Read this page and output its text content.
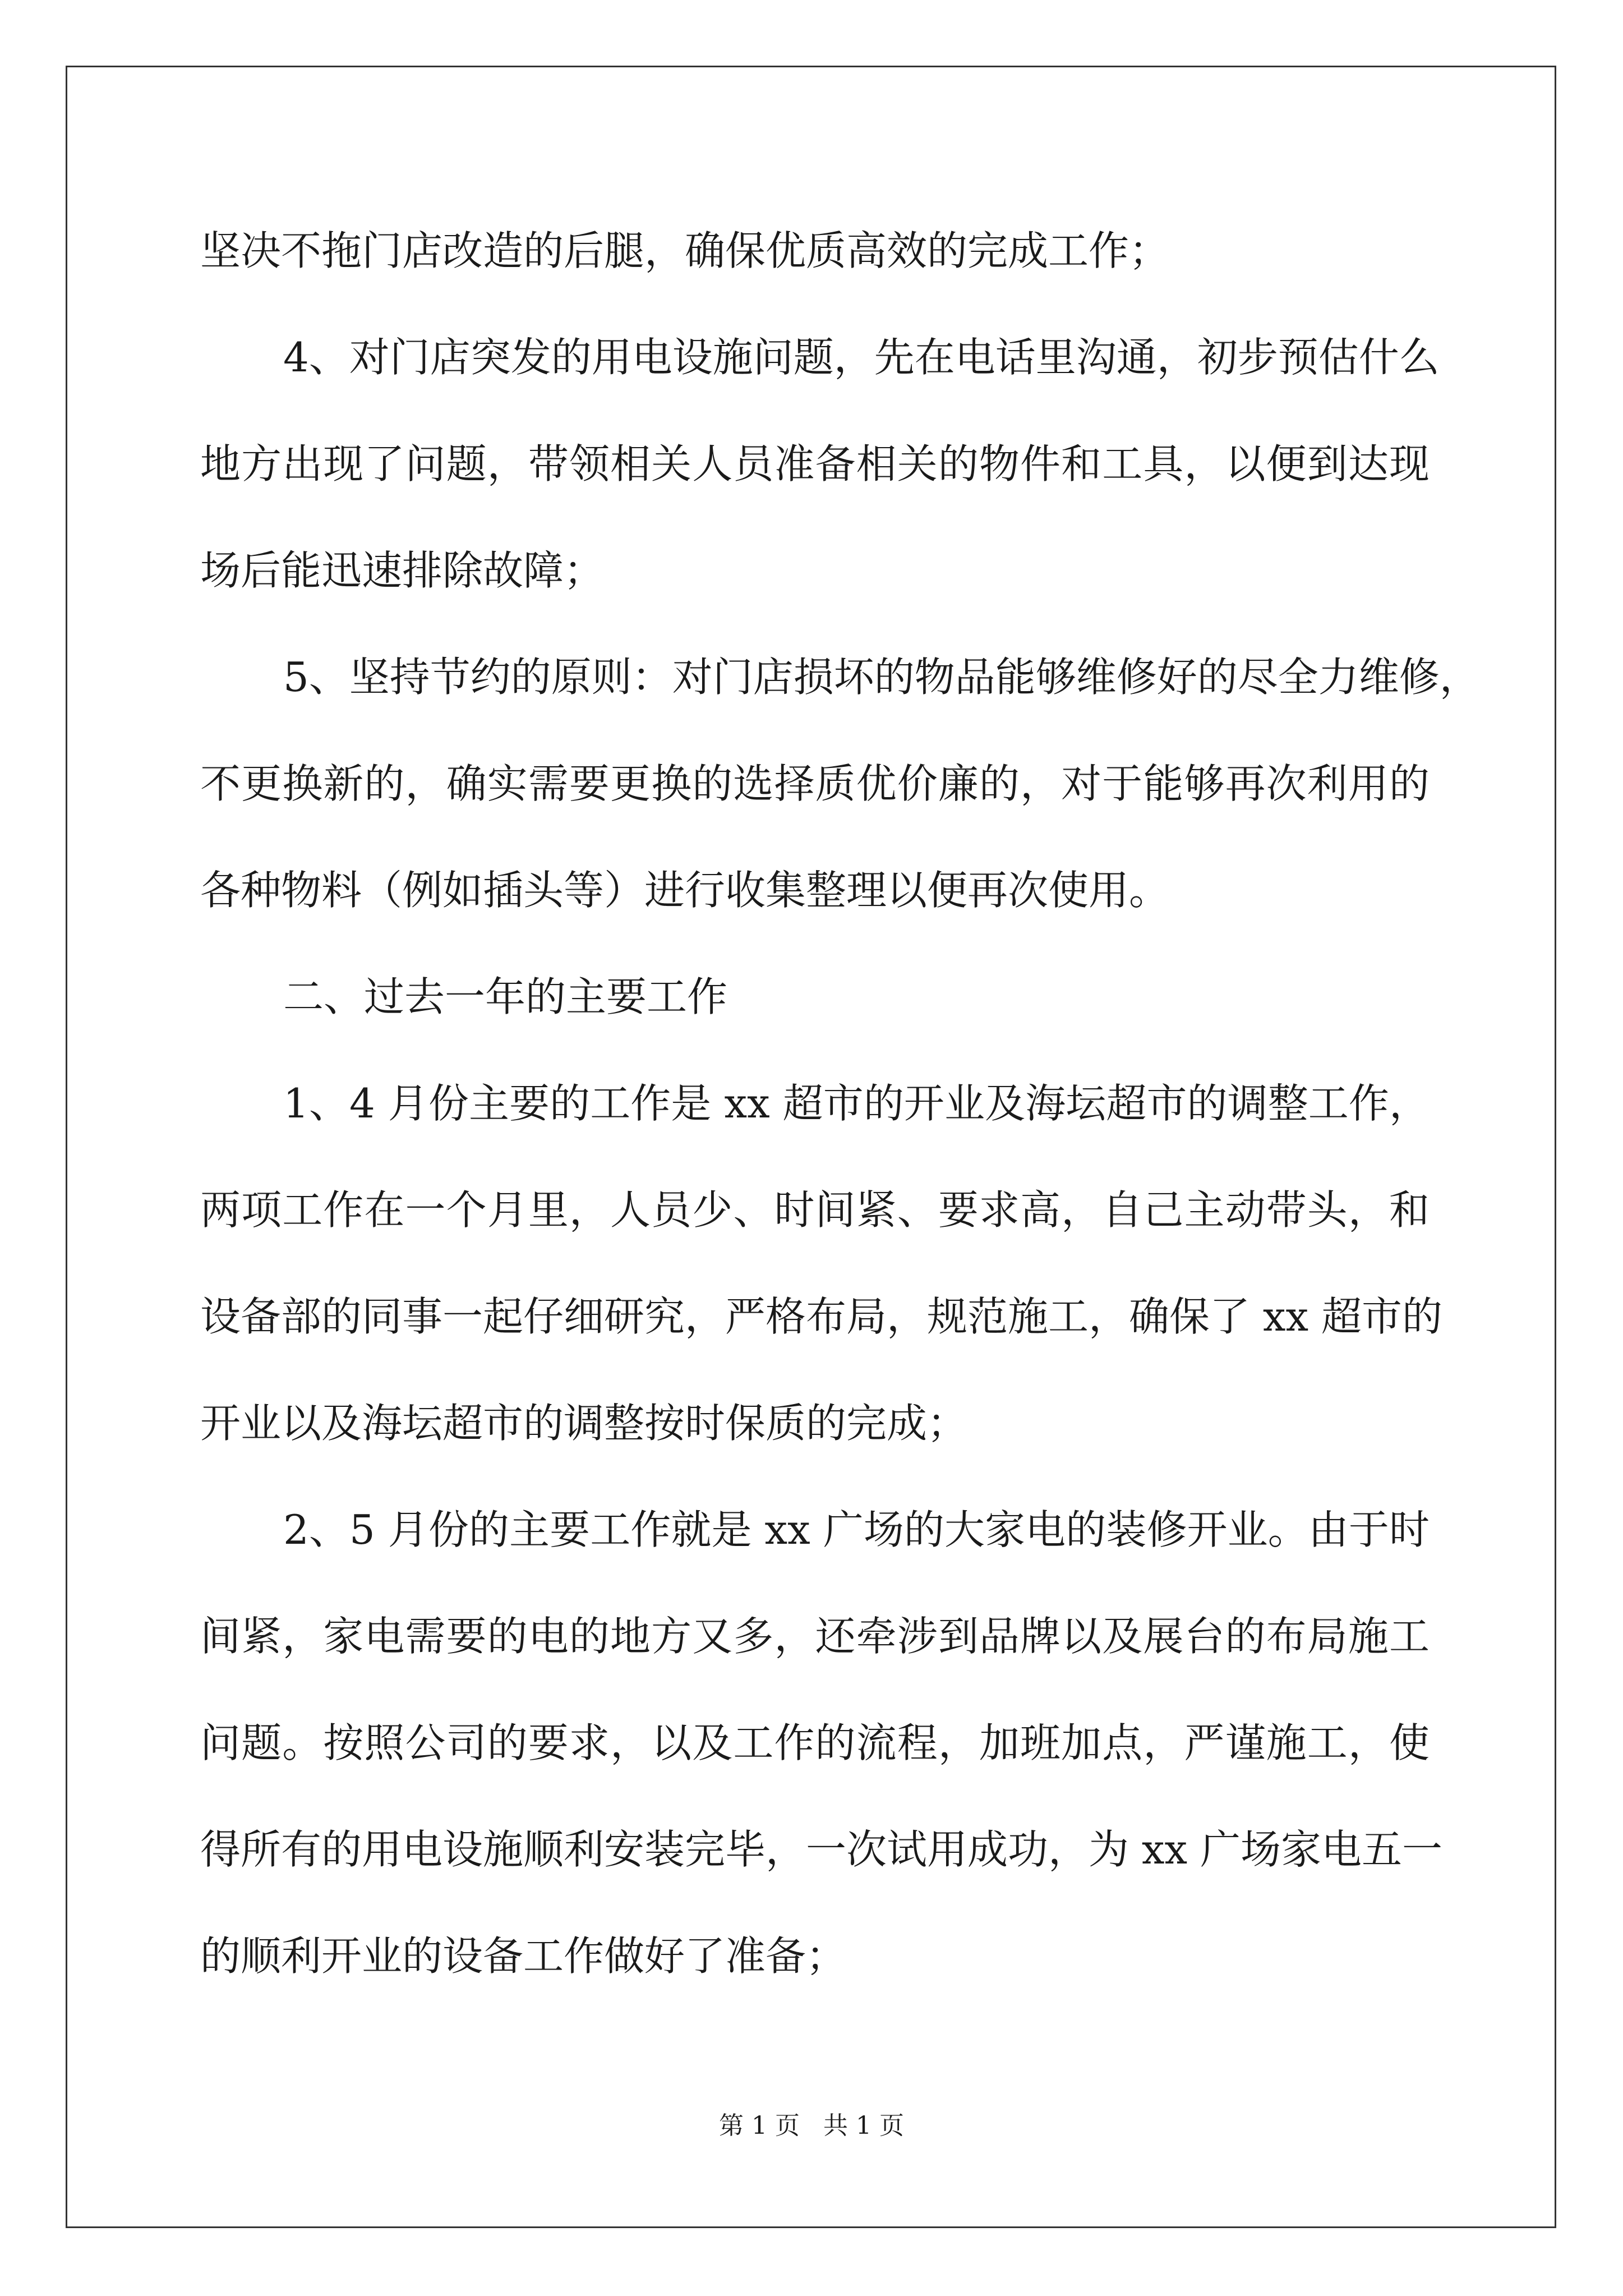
坚决不拖门店改造的后腿，确保优质高效的完成工作；
4、对门店突发的用电设施问题，先在电话里沟通，初步预估什么
地方出现了问题，带领相关人员准备相关的物件和工具，以便到达现
场后能迅速排除故障；
5、坚持节约的原则：对门店损坏的物品能够维修好的尽全力维修，
不更换新的，确实需要更换的选择质优价廉的，对于能够再次利用的
各种物料（例如插头等）进行收集整理以便再次使用。
二、过去一年的主要工作
1、4 月份主要的工作是 xx 超市的开业及海坛超市的调整工作，
两项工作在一个月里，人员少、时间紧、要求高，自己主动带头，和
设备部的同事一起仔细研究，严格布局，规范施工，确保了 xx 超市的
开业以及海坛超市的调整按时保质的完成；
2、5 月份的主要工作就是 xx 广场的大家电的装修开业。由于时
间紧，家电需要的电的地方又多，还牵涉到品牌以及展台的布局施工
问题。按照公司的要求，以及工作的流程，加班加点，严谨施工，使
得所有的用电设施顺利安装完毕，一次试用成功，为 xx 广场家电五一
的顺利开业的设备工作做好了准备；
第 1 页 共 1 页
